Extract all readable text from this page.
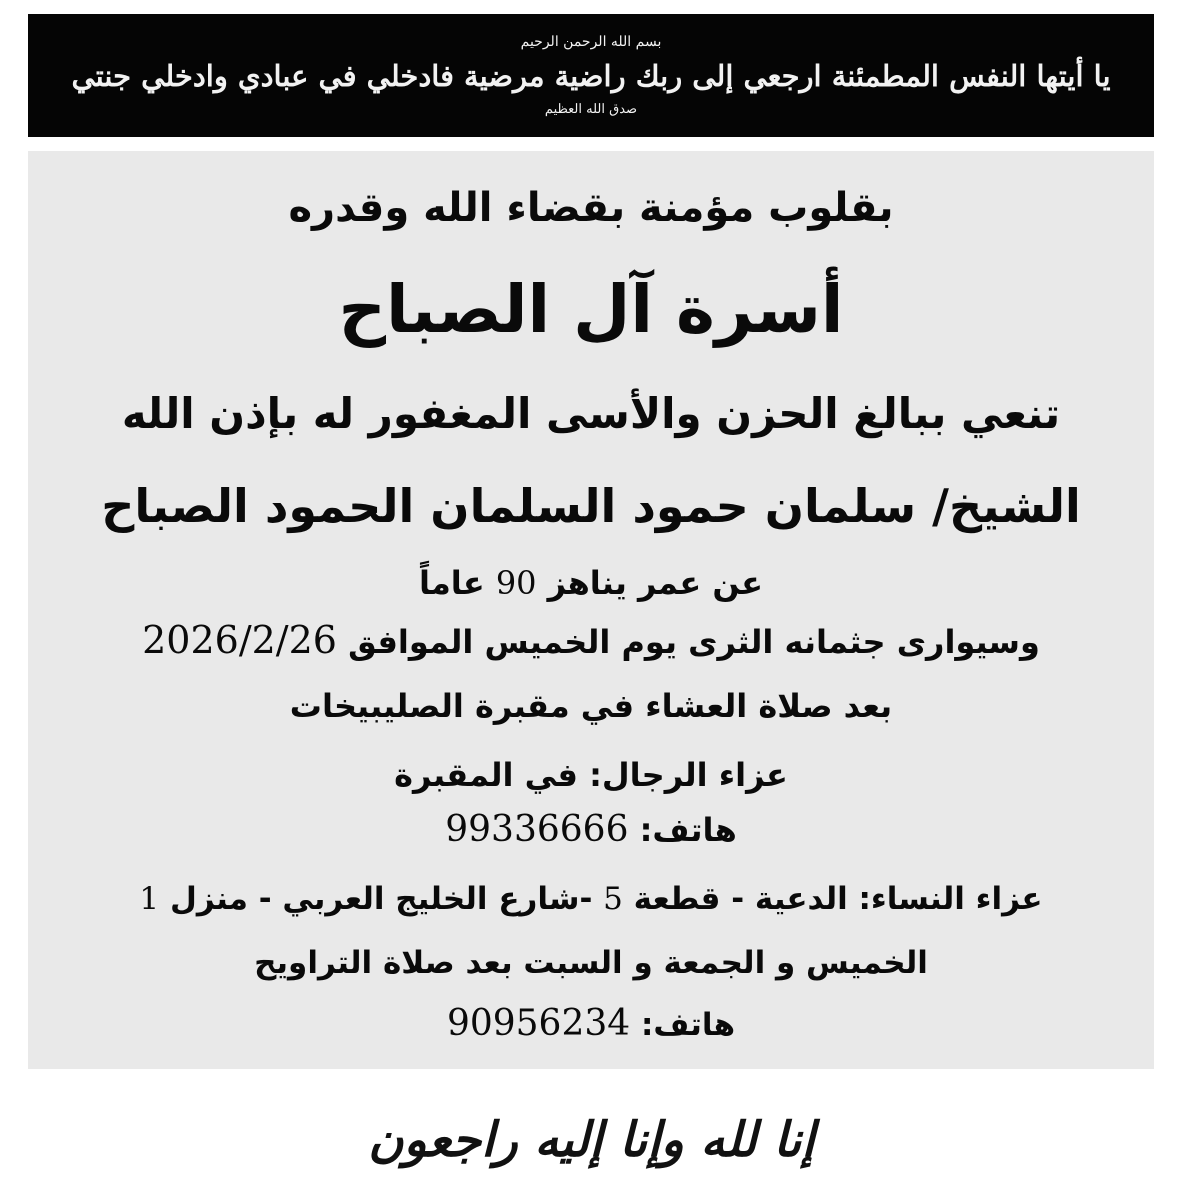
بسم الله الرحمن الرحيم
يا أيتها النفس المطمئنة ارجعي إلى ربك راضية مرضية فادخلي في عبادي وادخلي جنتي
صدق الله العظيم
بقلوب مؤمنة بقضاء الله وقدره
أسرة آل الصباح
تنعي ببالغ الحزن والأسى المغفور له بإذن الله
الشيخ/ سلمان حمود السلمان الحمود الصباح
عن عمر يناهز 90 عاماً
وسيوارى جثمانه الثرى يوم الخميس الموافق 2026/2/26
بعد صلاة العشاء في مقبرة الصليبيخات
عزاء الرجال: في المقبرة
هاتف: 99336666
عزاء النساء: الدعية - قطعة 5 -شارع الخليج العربي - منزل 1
الخميس و الجمعة و السبت بعد صلاة التراويح
هاتف: 90956234
إنا لله وإنا إليه راجعون
